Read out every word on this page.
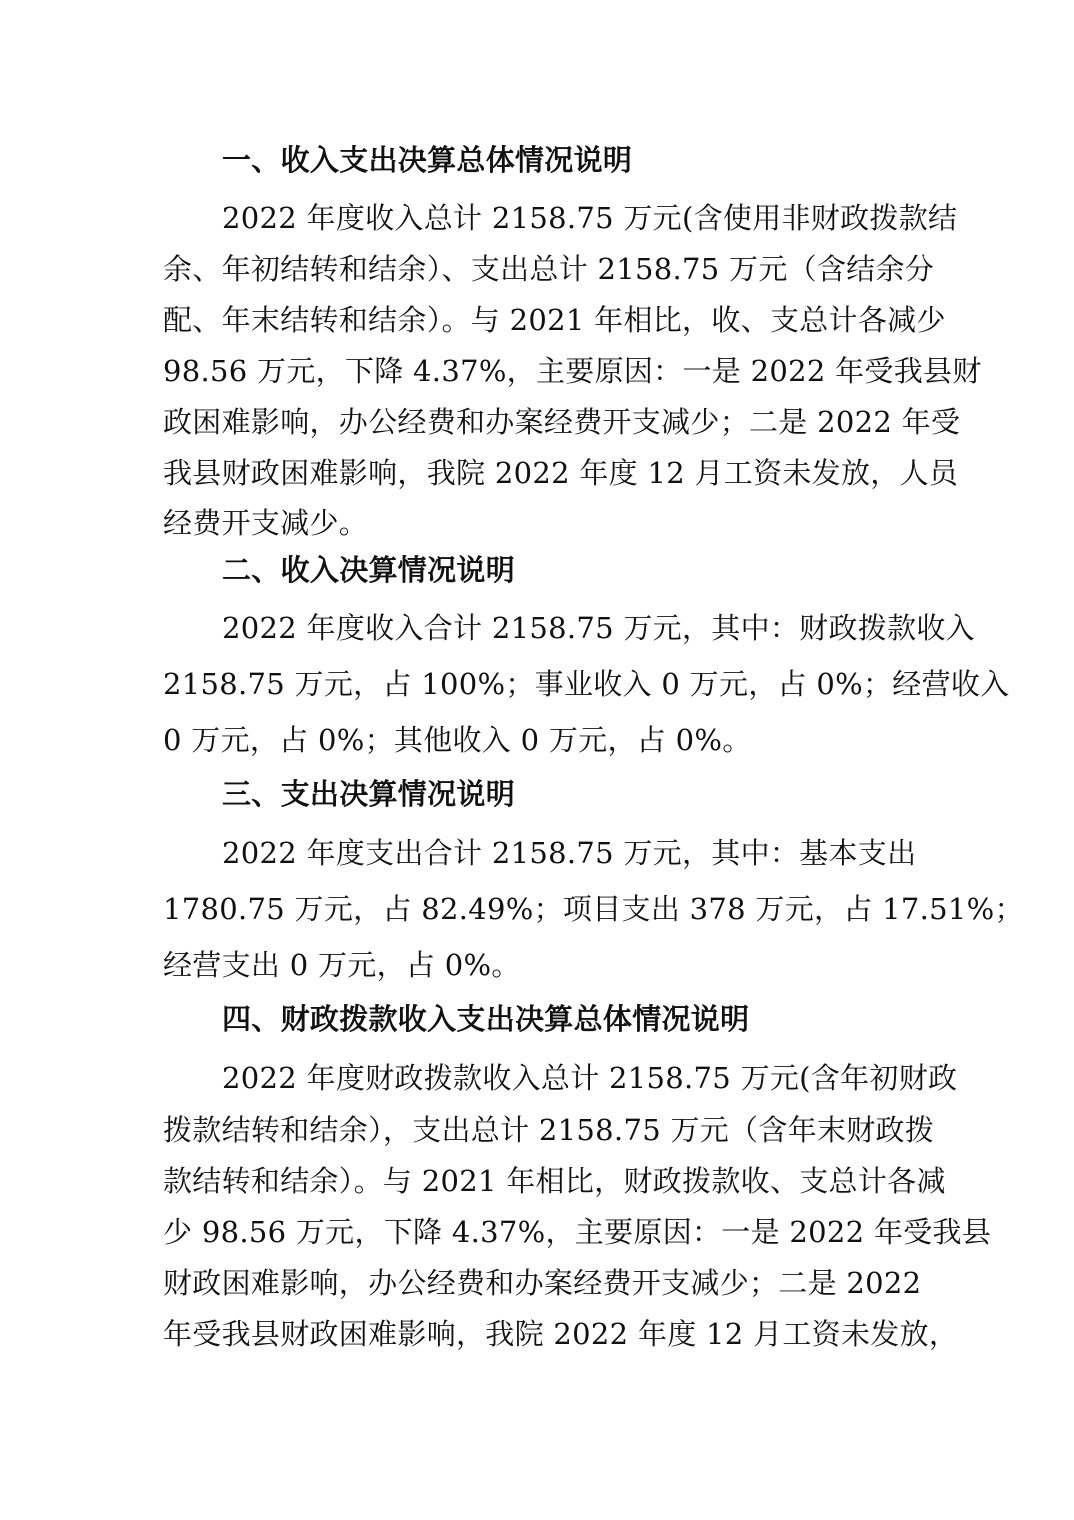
一、收入支出决算总体情况说明
2022 年度收入总计 2158.75 万元(含使用非财政拨款结
余、年初结转和结余）、支出总计 2158.75 万元（含结余分
配、年末结转和结余）。与 2021 年相比，收、支总计各减少
98.56 万元，下降 4.37%，主要原因：一是 2022 年受我县财
政困难影响，办公经费和办案经费开支减少；二是 2022 年受
我县财政困难影响，我院 2022 年度 12 月工资未发放，人员
经费开支减少。
二、收入决算情况说明
2022 年度收入合计 2158.75 万元，其中：财政拨款收入
2158.75 万元，占 100%；事业收入 0 万元，占 0%；经营收入
0 万元，占 0%；其他收入 0 万元，占 0%。
三、支出决算情况说明
2022 年度支出合计 2158.75 万元，其中：基本支出
1780.75 万元，占 82.49%；项目支出 378 万元，占 17.51%；
经营支出 0 万元，占 0%。
四、财政拨款收入支出决算总体情况说明
2022 年度财政拨款收入总计 2158.75 万元(含年初财政
拨款结转和结余），支出总计 2158.75 万元（含年末财政拨
款结转和结余）。与 2021 年相比，财政拨款收、支总计各减
少 98.56 万元，下降 4.37%，主要原因：一是 2022 年受我县
财政困难影响，办公经费和办案经费开支减少；二是 2022
年受我县财政困难影响，我院 2022 年度 12 月工资未发放，
